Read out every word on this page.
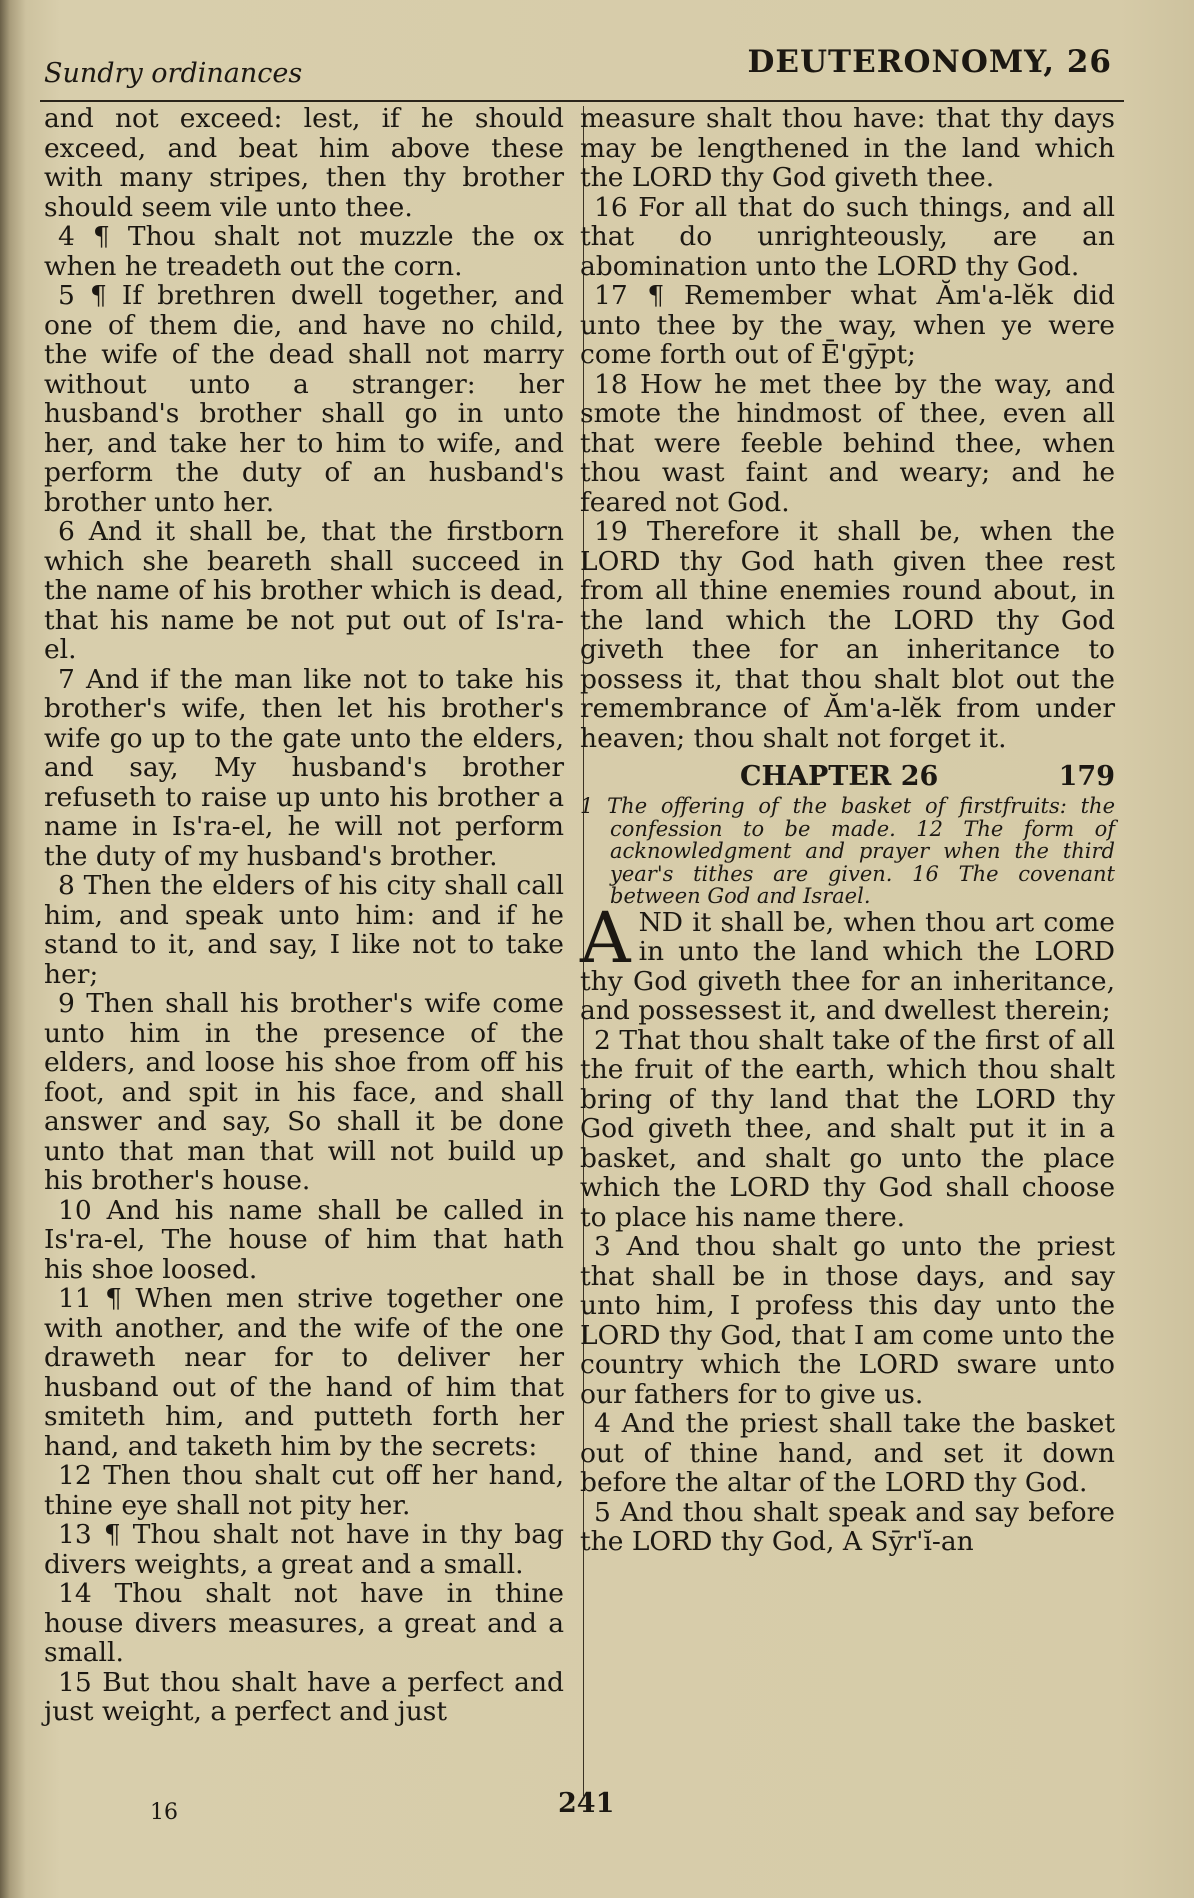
Sundry ordinances	DEUTERONOMY, 26

and not exceed: lest, if he should exceed, and beat him above these with many stripes, then thy brother should seem vile unto thee.

4 ¶ Thou shalt not muzzle the ox when he treadeth out the corn.

5 ¶ If brethren dwell together, and one of them die, and have no child, the wife of the dead shall not marry without unto a stranger: her husband's brother shall go in unto her, and take her to him to wife, and perform the duty of an husband's brother unto her.

6 And it shall be, that the firstborn which she beareth shall succeed in the name of his brother which is dead, that his name be not put out of Is'ra-el.

7 And if the man like not to take his brother's wife, then let his brother's wife go up to the gate unto the elders, and say, My husband's brother refuseth to raise up unto his brother a name in Is'ra-el, he will not perform the duty of my husband's brother.

8 Then the elders of his city shall call him, and speak unto him: and if he stand to it, and say, I like not to take her;

9 Then shall his brother's wife come unto him in the presence of the elders, and loose his shoe from off his foot, and spit in his face, and shall answer and say, So shall it be done unto that man that will not build up his brother's house.

10 And his name shall be called in Is'ra-el, The house of him that hath his shoe loosed.

11 ¶ When men strive together one with another, and the wife of the one draweth near for to deliver her husband out of the hand of him that smiteth him, and putteth forth her hand, and taketh him by the secrets:

12 Then thou shalt cut off her hand, thine eye shall not pity her.

13 ¶ Thou shalt not have in thy bag divers weights, a great and a small.

14 Thou shalt not have in thine house divers measures, a great and a small.

15 But thou shalt have a perfect and just weight, a perfect and just

measure shalt thou have: that thy days may be lengthened in the land which the LORD thy God giveth thee.

16 For all that do such things, and all that do unrighteously, are an abomination unto the LORD thy God.

17 ¶ Remember what Ăm'a-lĕk did unto thee by the way, when ye were come forth out of Ē'gȳpt;

18 How he met thee by the way, and smote the hindmost of thee, even all that were feeble behind thee, when thou wast faint and weary; and he feared not God.

19 Therefore it shall be, when the LORD thy God hath given thee rest from all thine enemies round about, in the land which the LORD thy God giveth thee for an inheritance to possess it, that thou shalt blot out the remembrance of Ăm'a-lĕk from under heaven; thou shalt not forget it.

CHAPTER 26	179

1 The offering of the basket of firstfruits: the confession to be made. 12 The form of acknowledgment and prayer when the third year's tithes are given. 16 The covenant between God and Israel.

AND it shall be, when thou art come in unto the land which the LORD thy God giveth thee for an inheritance, and possessest it, and dwellest therein;

2 That thou shalt take of the first of all the fruit of the earth, which thou shalt bring of thy land that the LORD thy God giveth thee, and shalt put it in a basket, and shalt go unto the place which the LORD thy God shall choose to place his name there.

3 And thou shalt go unto the priest that shall be in those days, and say unto him, I profess this day unto the LORD thy God, that I am come unto the country which the LORD sware unto our fathers for to give us.

4 And the priest shall take the basket out of thine hand, and set it down before the altar of the LORD thy God.

5 And thou shalt speak and say before the LORD thy God, A Sȳr'ĭ-an

16	241
